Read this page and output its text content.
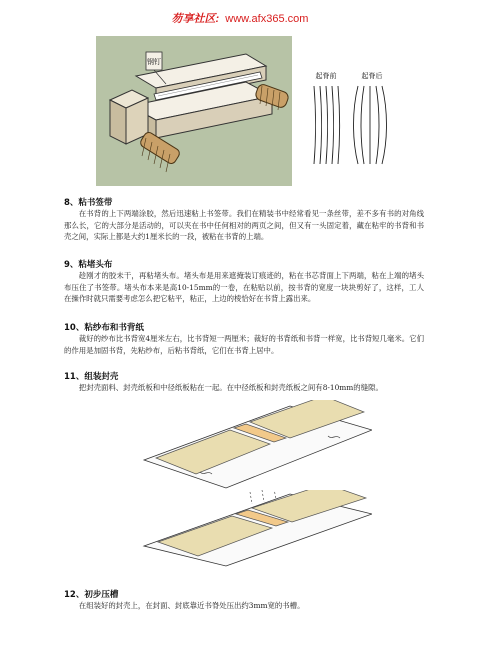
芴享社区: www.afx365.com
钢钉
起脊前	起脊后
8、粘书签带
在书背的上下两端涂胶，然后迅速粘上书签带。我们在精装书中经常看见一条丝带，差不多有书的对角线那么长，它的大部分是活动的，可以夹在书中任何相对的两页之间，但又有一头固定着，藏在粘牢的书背和书壳之间，实际上都是大约1厘米长的一段，被粘在书背的上端。
9、粘堵头布
趁刚才的胶未干，再粘堵头布。堵头布是用来遮掩装订痕迹的，粘在书芯背面上下两端，粘在上端的堵头布压住了书签带。堵头布本来是高10-15mm的一卷，在粘贴以前，按书背的宽度一块块剪好了，这样，工人在操作时就只需要考虑怎么把它粘平，粘正，上边的棱恰好在书背上露出来。
10、粘纱布和书背纸
裁好的纱布比书背宽4厘米左右，比书背短一两厘米；裁好的书背纸和书背一样宽，比书背短几毫米。它们的作用是加固书背，先粘纱布，后粘书背纸，它们在书背上居中。
11、组装封壳
把封壳面料、封壳纸板和中径纸板粘在一起。在中径纸板和封壳纸板之间有8-10mm的缝隙。
12、初步压槽
在组装好的封壳上，在封面、封底靠近书脊处压出约3mm宽的书槽。
